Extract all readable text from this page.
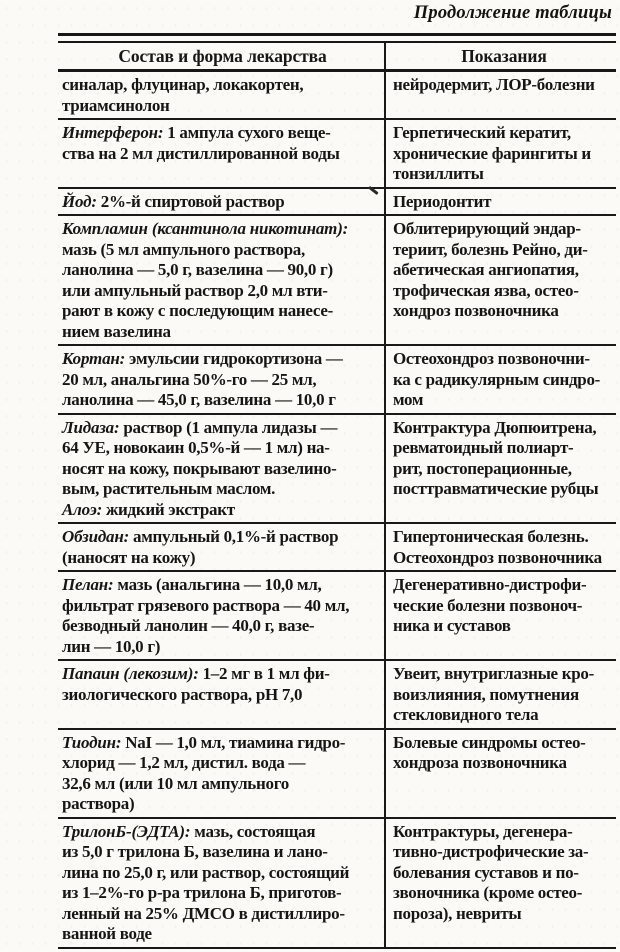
Продолжение таблицы
Состав и форма лекарства	Показания
синалар, флуцинар, локакортен,
триамсинолон
нейродермит, ЛОР-болезни
Интерферон: 1 ампула сухого веще-
ства на 2 мл дистиллированной воды
Герпетический кератит,
хронические фарингиты и
тонзиллиты
Йод: 2%-й спиртовой раствор	Периодонтит
Компламин (ксантинола никотинат):
мазь (5 мл ампульного раствора,
ланолина — 5,0 г, вазелина — 90,0 г)
или ампульный раствор 2,0 мл вти-
рают в кожу с последующим нанесе-
нием вазелина
Облитерирующий эндар-
териит, болезнь Рейно, ди-
абетическая ангиопатия,
трофическая язва, остео-
хондроз позвоночника
Кортан: эмульсии гидрокортизона —
20 мл, анальгина 50%-го — 25 мл,
ланолина — 45,0 г, вазелина — 10,0 г
Остеохондроз позвоночни-
ка с радикулярным синдро-
мом
Лидаза: раствор (1 ампула лидазы —
64 УЕ, новокаин 0,5%-й — 1 мл) на-
носят на кожу, покрывают вазелино-
вым, растительным маслом.
Алоэ: жидкий экстракт
Контрактура Дюпюитрена,
ревматоидный полиарт-
рит, постоперационные,
посттравматические рубцы
Обзидан: ампульный 0,1%-й раствор
(наносят на кожу)
Гипертоническая болезнь.
Остеохондроз позвоночника
Пелан: мазь (анальгина — 10,0 мл,
фильтрат грязевого раствора — 40 мл,
безводный ланолин — 40,0 г, вазе-
лин — 10,0 г)
Дегенеративно-дистрофи-
ческие болезни позвоноч-
ника и суставов
Папаин (лекозим): 1–2 мг в 1 мл фи-
зиологического раствора, pH 7,0
Увеит, внутриглазные кро-
воизлияния, помутнения
стекловидного тела
Тиодин: NaI — 1,0 мл, тиамина гидро-
хлорид — 1,2 мл, дистил. вода —
32,6 мл (или 10 мл ампульного
раствора)
Болевые синдромы остео-
хондроза позвоночника
ТрилонБ-(ЭДТА): мазь, состоящая
из 5,0 г трилона Б, вазелина и лано-
лина по 25,0 г, или раствор, состоящий
из 1–2%-го р-ра трилона Б, приготов-
ленный на 25% ДМСО в дистиллиро-
ванной воде
Контрактуры, дегенера-
тивно-дистрофические за-
болевания суставов и по-
звоночника (кроме остео-
пороза), невриты
